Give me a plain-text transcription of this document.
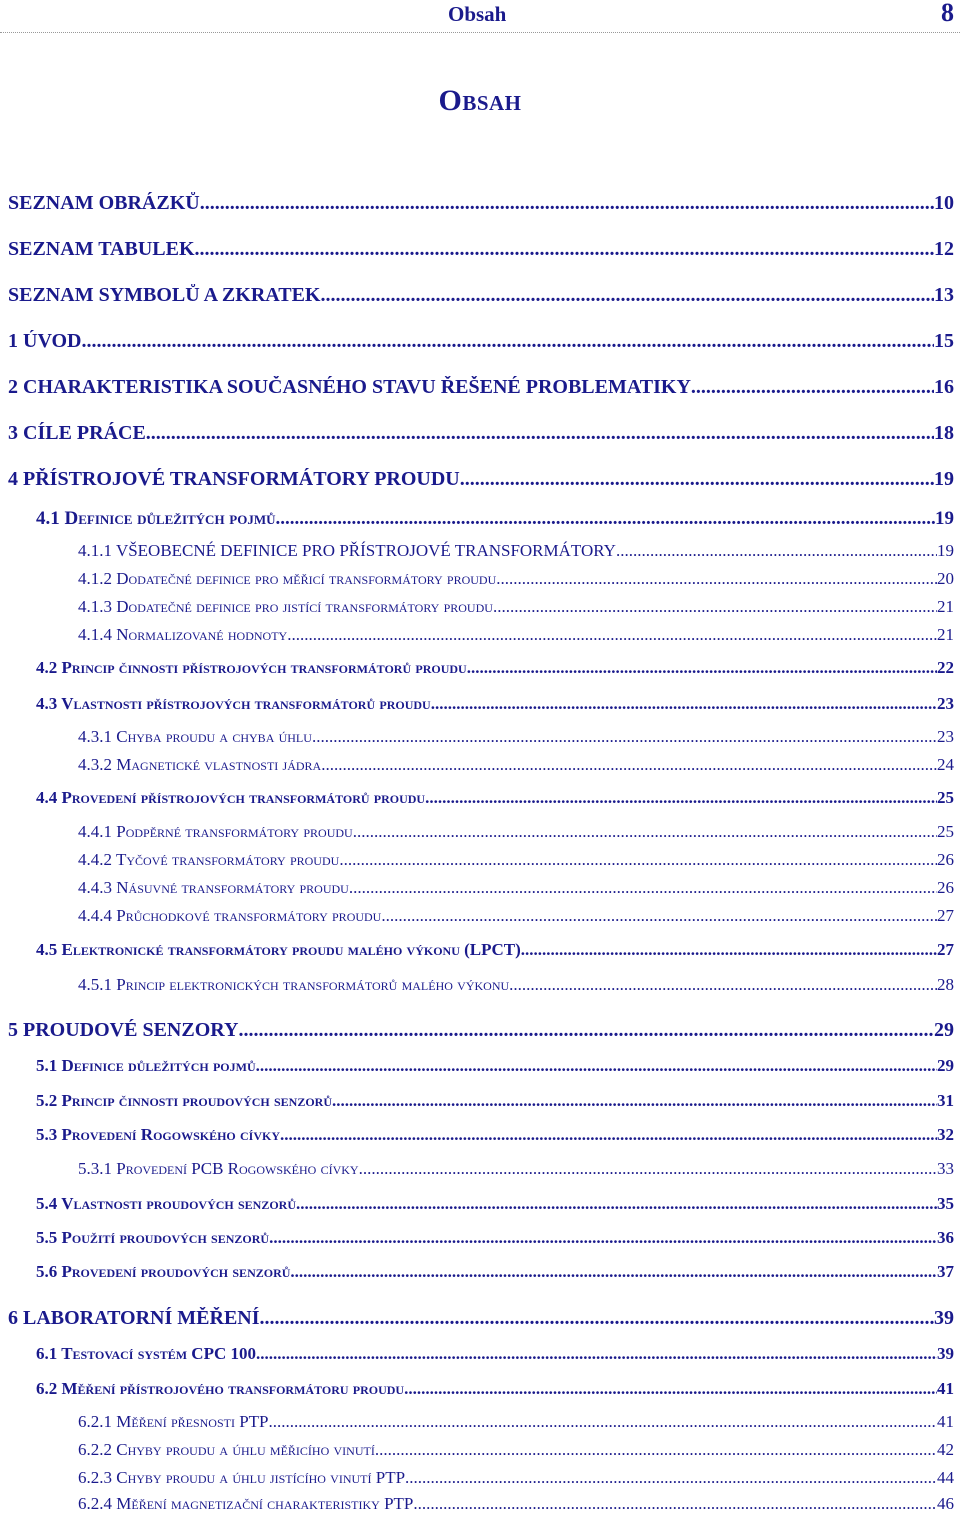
Obsah	8
Obsah
SEZNAM OBRÁZKŮ .....	10
SEZNAM TABULEK .....	12
SEZNAM SYMBOLŮ A ZKRATEK .....	13
1 ÚVOD .....	15
2 CHARAKTERISTIKA SOUČASNÉHO STAVU ŘEŠENÉ PROBLEMATIKY .....	16
3 CÍLE PRÁCE .....	18
4 PŘÍSTROJOVÉ TRANSFORMÁTORY PROUDU .....	19
4.1 Definice důležitých pojmů .....	19
4.1.1 VŠEOBECNÉ DEFINICE PRO PŘÍSTROJOVÉ TRANSFORMÁTORY .....	19
4.1.2 Dodatečné definice pro měřicí transformátory proudu .....	20
4.1.3 Dodatečné definice pro jistící transformátory proudu .....	21
4.1.4 Normalizované hodnoty .....	21
4.2 Princip činnosti přístrojových transformátorů proudu .....	22
4.3 Vlastnosti přístrojových transformátorů proudu .....	23
4.3.1 Chyba proudu a chyba úhlu .....	23
4.3.2 Magnetické vlastnosti jádra .....	24
4.4 Provedení přístrojových transformátorů proudu .....	25
4.4.1 Podpěrné transformátory proudu .....	25
4.4.2 Tyčové transformátory proudu .....	26
4.4.3 Násuvné transformátory proudu .....	26
4.4.4 Průchodkové transformátory proudu .....	27
4.5 Elektronické transformátory proudu malého výkonu (LPCT) .....	27
4.5.1 Princip elektronických transformátorů malého výkonu .....	28
5 PROUDOVÉ SENZORY .....	29
5.1 Definice důležitých pojmů .....	29
5.2 Princip činnosti proudových senzorů .....	31
5.3 Provedení Rogowského cívky .....	32
5.3.1 Provedení PCB Rogowského cívky .....	33
5.4 Vlastnosti proudových senzorů .....	35
5.5 Použití proudových senzorů .....	36
5.6 Provedení proudových senzorů .....	37
6 LABORATORNÍ MĚŘENÍ .....	39
6.1 Testovací systém CPC 100 .....	39
6.2 Měření přístrojového transformátoru proudu .....	41
6.2.1 Měření přesnosti PTP .....	41
6.2.2 Chyby proudu a úhlu měřicího vinutí .....	42
6.2.3 Chyby proudu a úhlu jistícího vinutí PTP .....	44
6.2.4 Měření magnetizační charakteristiky PTP .....	46
